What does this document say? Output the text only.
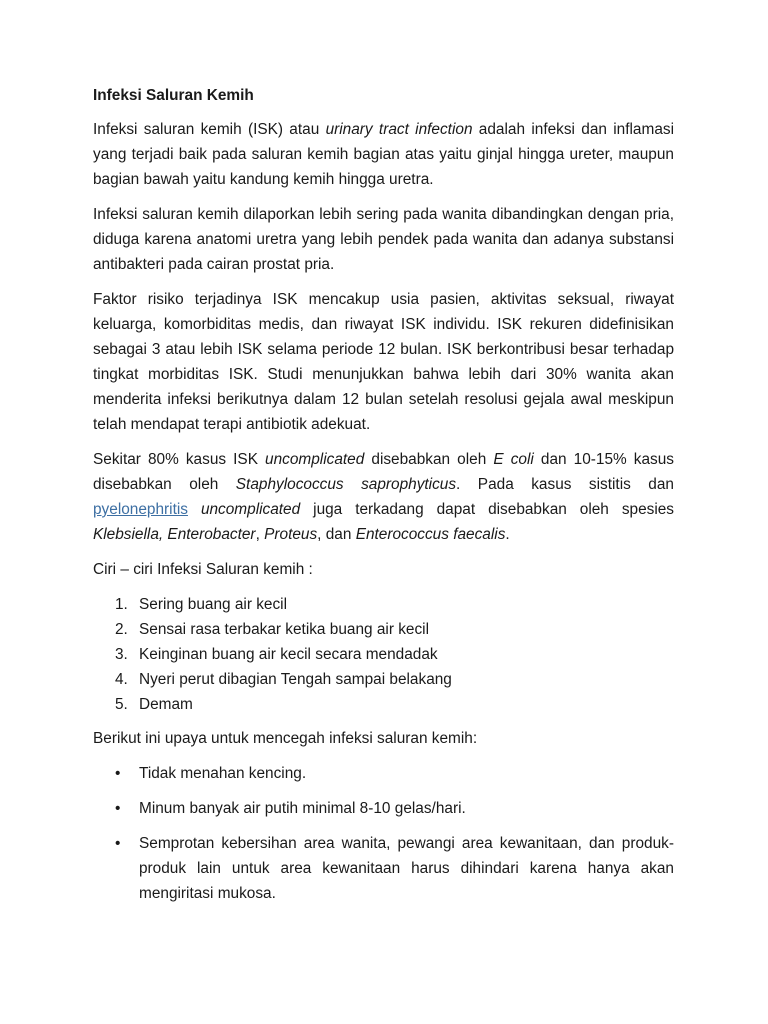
Infeksi Saluran Kemih

Infeksi saluran kemih (ISK) atau urinary tract infection adalah infeksi dan inflamasi yang terjadi baik pada saluran kemih bagian atas yaitu ginjal hingga ureter, maupun bagian bawah yaitu kandung kemih hingga uretra.

Infeksi saluran kemih dilaporkan lebih sering pada wanita dibandingkan dengan pria, diduga karena anatomi uretra yang lebih pendek pada wanita dan adanya substansi antibakteri pada cairan prostat pria.

Faktor risiko terjadinya ISK mencakup usia pasien, aktivitas seksual, riwayat keluarga, komorbiditas medis, dan riwayat ISK individu. ISK rekuren didefinisikan sebagai 3 atau lebih ISK selama periode 12 bulan. ISK berkontribusi besar terhadap tingkat morbiditas ISK. Studi menunjukkan bahwa lebih dari 30% wanita akan menderita infeksi berikutnya dalam 12 bulan setelah resolusi gejala awal meskipun telah mendapat terapi antibiotik adekuat.

Sekitar 80% kasus ISK uncomplicated disebabkan oleh E coli dan 10-15% kasus disebabkan oleh Staphylococcus saprophyticus. Pada kasus sistitis dan pyelonephritis uncomplicated juga terkadang dapat disebabkan oleh spesies Klebsiella, Enterobacter, Proteus, dan Enterococcus faecalis.

Ciri – ciri Infeksi Saluran kemih :

1. Sering buang air kecil
2. Sensai rasa terbakar ketika buang air kecil
3. Keinginan buang air kecil secara mendadak
4. Nyeri perut dibagian Tengah sampai belakang
5. Demam

Berikut ini upaya untuk mencegah infeksi saluran kemih:

• Tidak menahan kencing.
• Minum banyak air putih minimal 8-10 gelas/hari.
• Semprotan kebersihan area wanita, pewangi area kewanitaan, dan produk-produk lain untuk area kewanitaan harus dihindari karena hanya akan mengiritasi mukosa.
